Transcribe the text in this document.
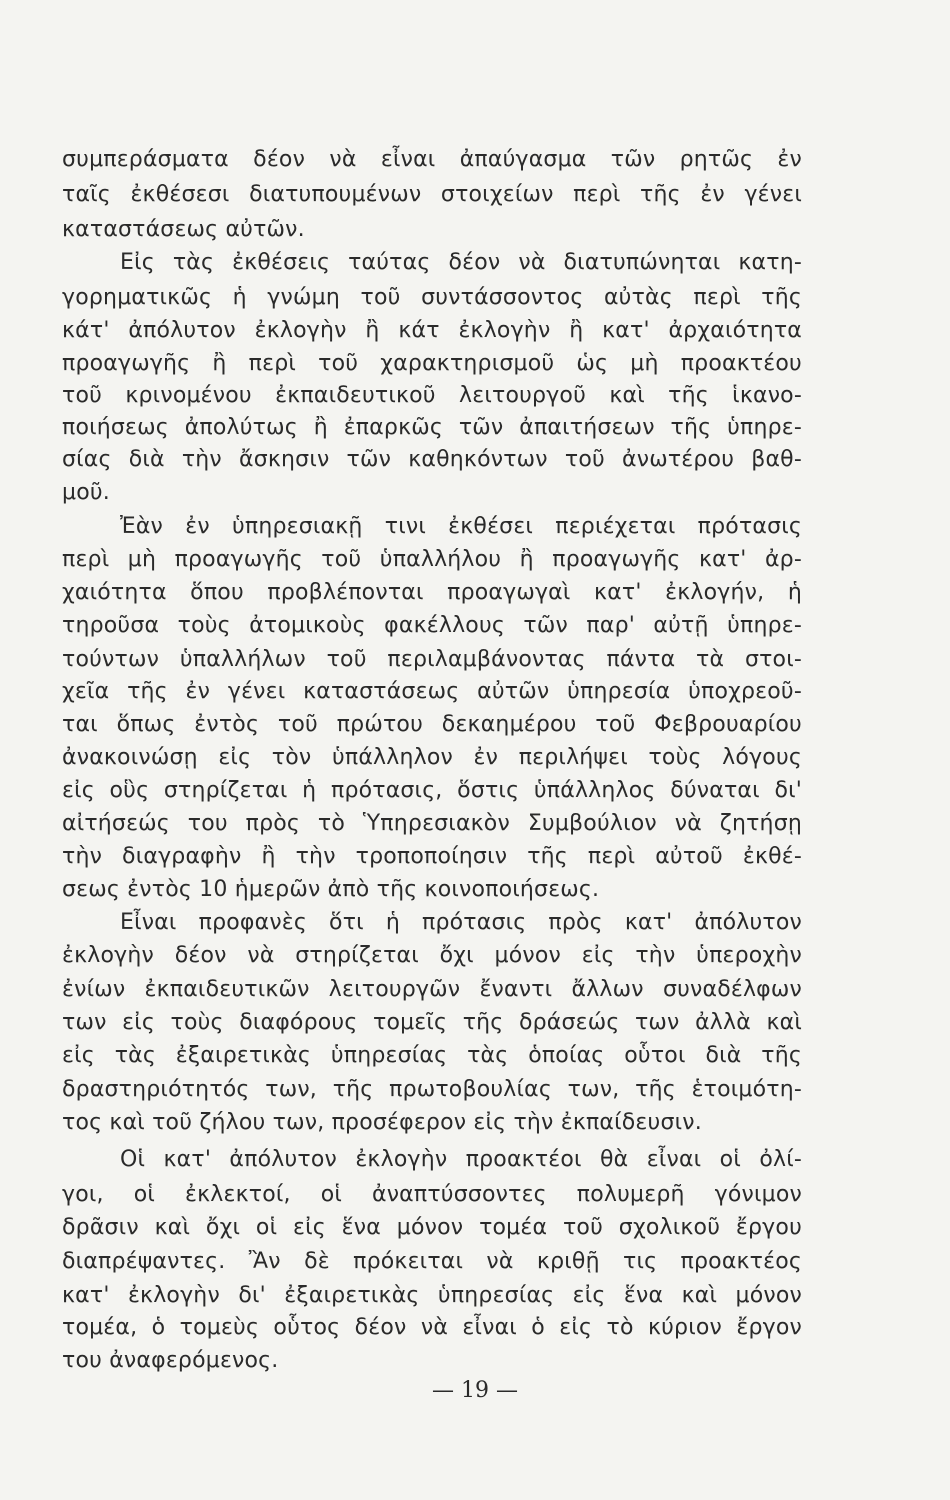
συμπεράσματα δέον νὰ εἶναι ἀπαύγασμα τῶν ρητῶς ἐν
ταῖς ἐκθέσεσι διατυπουμένων στοιχείων περὶ τῆς ἐν γένει
καταστάσεως αὐτῶν.
Εἰς τὰς ἐκθέσεις ταύτας δέον νὰ διατυπώνηται κατη-
γορηματικῶς ἡ γνώμη τοῦ συντάσσοντος αὐτὰς περὶ τῆς
κάτ' ἀπόλυτον ἐκλογὴν ἢ κάτ ἐκλογὴν ἢ κατ' ἀρχαιότητα
προαγωγῆς ἢ περὶ τοῦ χαρακτηρισμοῦ ὡς μὴ προακτέου
τοῦ κρινομένου ἐκπαιδευτικοῦ λειτουργοῦ καὶ τῆς ἱκανο-
ποιήσεως ἀπολύτως ἢ ἐπαρκῶς τῶν ἀπαιτήσεων τῆς ὑπηρε-
σίας διὰ τὴν ἄσκησιν τῶν καθηκόντων τοῦ ἀνωτέρου βαθ-
μοῦ.
Ἐὰν ἐν ὑπηρεσιακῇ τινι ἐκθέσει περιέχεται πρότασις
περὶ μὴ προαγωγῆς τοῦ ὑπαλλήλου ἢ προαγωγῆς κατ' ἀρ-
χαιότητα ὅπου προβλέπονται προαγωγαὶ κατ' ἐκλογήν, ἡ
τηροῦσα τοὺς ἀτομικοὺς φακέλλους τῶν παρ' αὐτῇ ὑπηρε-
τούντων ὑπαλλήλων τοῦ περιλαμβάνοντας πάντα τὰ στοι-
χεῖα τῆς ἐν γένει καταστάσεως αὐτῶν ὑπηρεσία ὑποχρεοῦ-
ται ὅπως ἐντὸς τοῦ πρώτου δεκαημέρου τοῦ Φεβρουαρίου
ἀνακοινώσῃ εἰς τὸν ὑπάλληλον ἐν περιλήψει τοὺς λόγους
εἰς οὓς στηρίζεται ἡ πρότασις, ὅστις ὑπάλληλος δύναται δι'
αἰτήσεώς του πρὸς τὸ Ὑπηρεσιακὸν Συμβούλιον νὰ ζητήσῃ
τὴν διαγραφὴν ἢ τὴν τροποποίησιν τῆς περὶ αὐτοῦ ἐκθέ-
σεως ἐντὸς 10 ἡμερῶν ἀπὸ τῆς κοινοποιήσεως.
Εἶναι προφανὲς ὅτι ἡ πρότασις πρὸς κατ' ἀπόλυτον
ἐκλογὴν δέον νὰ στηρίζεται ὄχι μόνον εἰς τὴν ὑπεροχὴν
ἐνίων ἐκπαιδευτικῶν λειτουργῶν ἔναντι ἄλλων συναδέλφων
των εἰς τοὺς διαφόρους τομεῖς τῆς δράσεώς των ἀλλὰ καὶ
εἰς τὰς ἐξαιρετικὰς ὑπηρεσίας τὰς ὁποίας οὗτοι διὰ τῆς
δραστηριότητός των, τῆς πρωτοβουλίας των, τῆς ἑτοιμότη-
τος καὶ τοῦ ζήλου των, προσέφερον εἰς τὴν ἐκπαίδευσιν.
Οἱ κατ' ἀπόλυτον ἐκλογὴν προακτέοι θὰ εἶναι οἱ ὀλί-
γοι, οἱ ἐκλεκτοί, οἱ ἀναπτύσσοντες πολυμερῆ γόνιμον
δρᾶσιν καὶ ὄχι οἱ εἰς ἕνα μόνον τομέα τοῦ σχολικοῦ ἔργου
διαπρέψαντες. Ἂν δὲ πρόκειται νὰ κριθῇ τις προακτέος
κατ' ἐκλογὴν δι' ἐξαιρετικὰς ὑπηρεσίας εἰς ἕνα καὶ μόνον
τομέα, ὁ τομεὺς οὗτος δέον νὰ εἶναι ὁ εἰς τὸ κύριον ἔργον
του ἀναφερόμενος.
— 19 —
